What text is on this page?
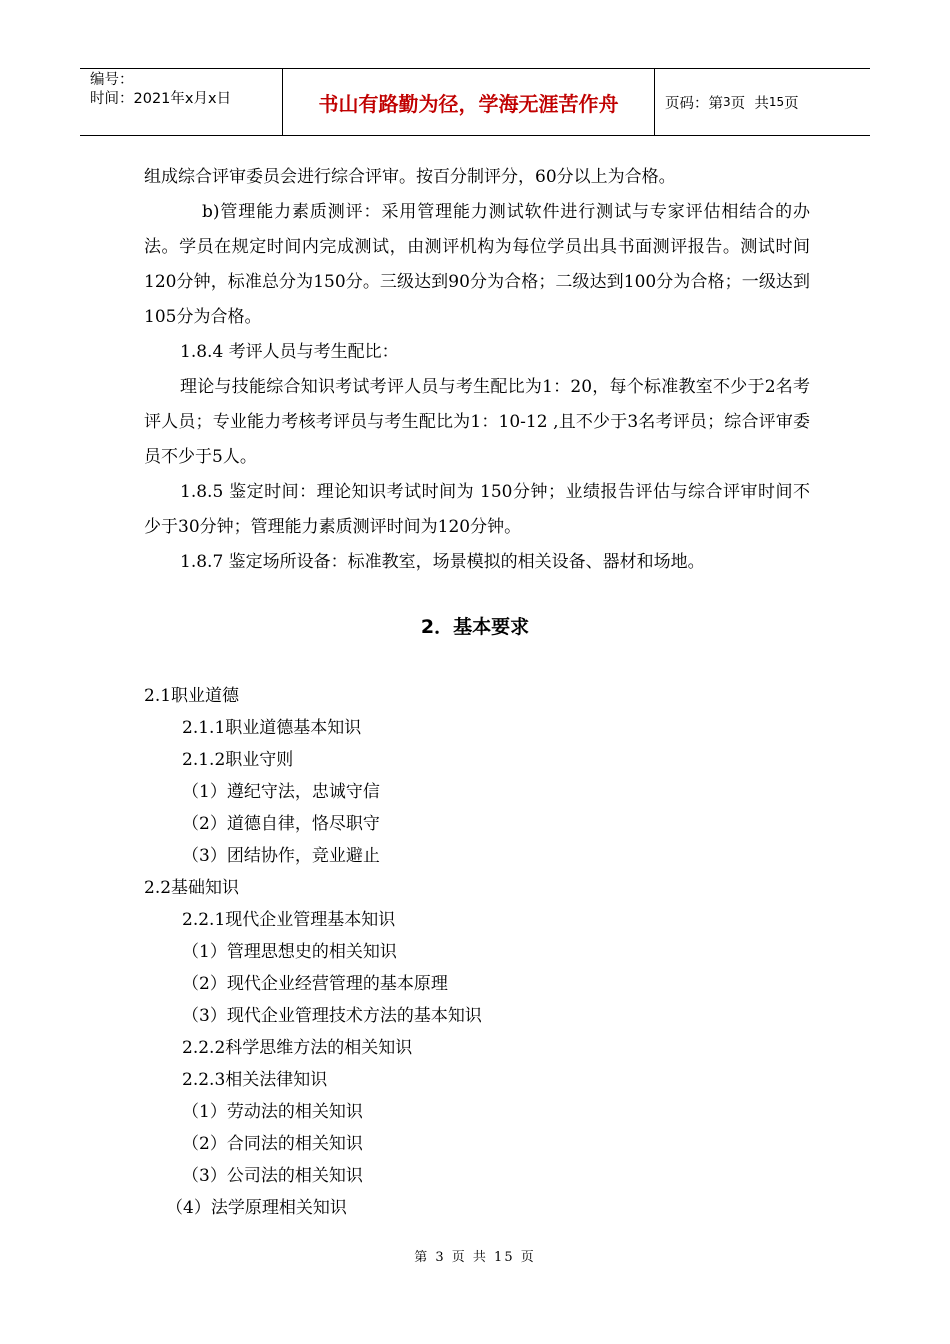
编号：
时间：2021年x月x日	书山有路勤为径，学海无涯苦作舟	页码：第 3 页  共 15 页

组成综合评审委员会进行综合评审。按百分制评分，60分以上为合格。

b)管理能力素质测评：采用管理能力测试软件进行测试与专家评估相结合的办法。学员在规定时间内完成测试，由测评机构为每位学员出具书面测评报告。测试时间120分钟，标准总分为150分。三级达到90分为合格；二级达到100分为合格；一级达到105分为合格。

1.8.4 考评人员与考生配比：

理论与技能综合知识考试考评人员与考生配比为1：20，每个标准教室不少于2名考评人员；专业能力考核考评员与考生配比为1：10-12 ,且不少于3名考评员；综合评审委员不少于5人。

1.8.5 鉴定时间：理论知识考试时间为 150分钟；业绩报告评估与综合评审时间不少于30分钟；管理能力素质测评时间为120分钟。

1.8.7 鉴定场所设备：标准教室，场景模拟的相关设备、器材和场地。

2．基本要求
2.1职业道德
2.1.1职业道德基本知识
2.1.2职业守则
（1）遵纪守法，忠诚守信
（2）道德自律，恪尽职守
（3）团结协作，竞业避止
2.2基础知识
2.2.1现代企业管理基本知识
（1）管理思想史的相关知识
（2）现代企业经营管理的基本原理
（3）现代企业管理技术方法的基本知识
2.2.2科学思维方法的相关知识
2.2.3相关法律知识
（1）劳动法的相关知识
（2）合同法的相关知识
（3）公司法的相关知识
（4）法学原理相关知识
第 3 页 共 15 页
